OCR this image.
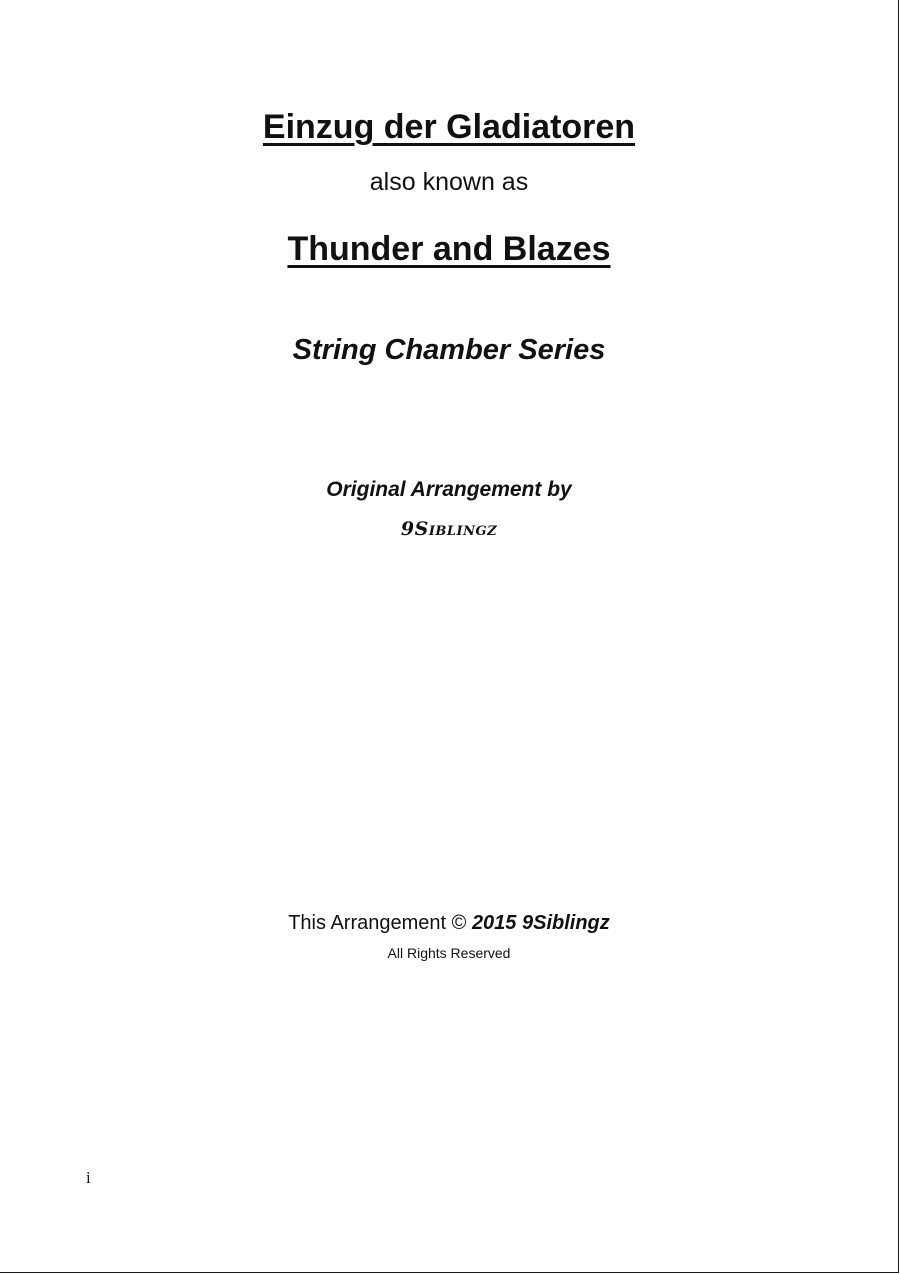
Einzug der Gladiatoren
also known as
Thunder and Blazes
String Chamber Series
Original Arrangement by
9Siblingz
This Arrangement © 2015 9Siblingz
All Rights Reserved
i
